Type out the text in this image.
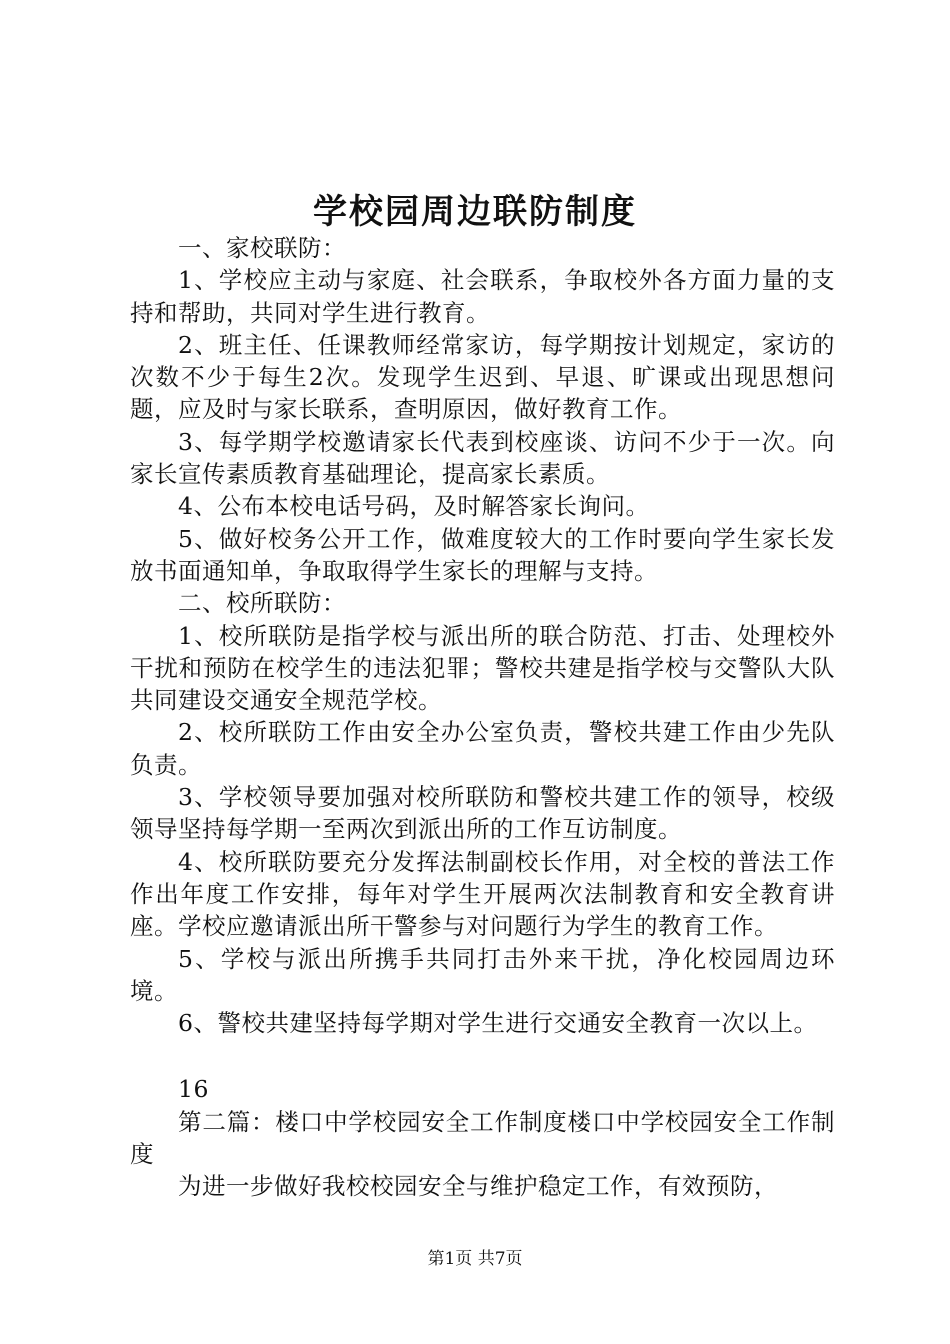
学校园周边联防制度

一、家校联防：

1、学校应主动与家庭、社会联系，争取校外各方面力量的支持和帮助，共同对学生进行教育。

2、班主任、任课教师经常家访，每学期按计划规定，家访的次数不少于每生2次。发现学生迟到、早退、旷课或出现思想问题，应及时与家长联系，查明原因，做好教育工作。

3、每学期学校邀请家长代表到校座谈、访问不少于一次。向家长宣传素质教育基础理论，提高家长素质。

4、公布本校电话号码，及时解答家长询问。

5、做好校务公开工作，做难度较大的工作时要向学生家长发放书面通知单，争取取得学生家长的理解与支持。

二、校所联防：

1、校所联防是指学校与派出所的联合防范、打击、处理校外干扰和预防在校学生的违法犯罪；警校共建是指学校与交警队大队共同建设交通安全规范学校。

2、校所联防工作由安全办公室负责，警校共建工作由少先队负责。

3、学校领导要加强对校所联防和警校共建工作的领导，校级领导坚持每学期一至两次到派出所的工作互访制度。

4、校所联防要充分发挥法制副校长作用，对全校的普法工作作出年度工作安排，每年对学生开展两次法制教育和安全教育讲座。学校应邀请派出所干警参与对问题行为学生的教育工作。

5、学校与派出所携手共同打击外来干扰，净化校园周边环境。

6、警校共建坚持每学期对学生进行交通安全教育一次以上。

16

第二篇：楼口中学校园安全工作制度楼口中学校园安全工作制度

为进一步做好我校校园安全与维护稳定工作，有效预防，

第1页 共7页
